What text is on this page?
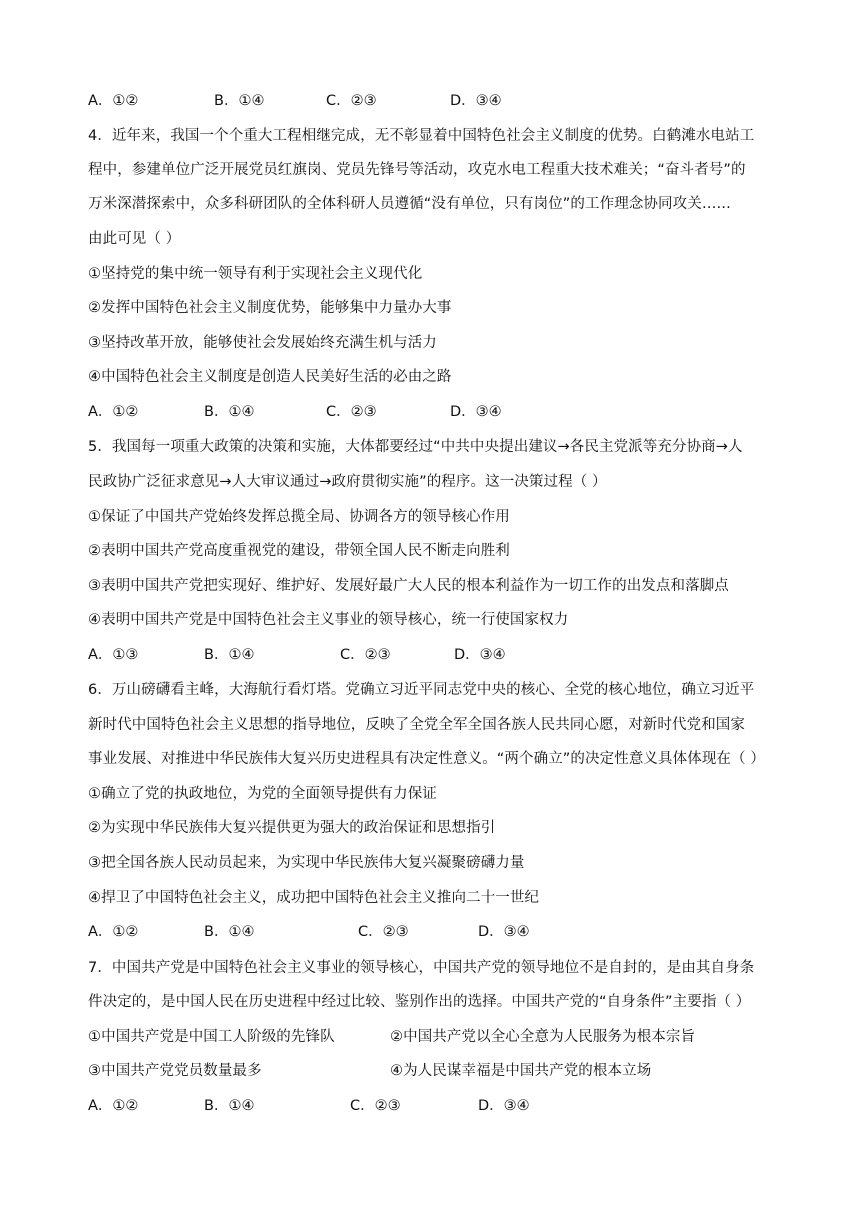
A．①②	B．①④	C．②③	D．③④
4．近年来，我国一个个重大工程相继完成，无不彰显着中国特色社会主义制度的优势。白鹤滩水电站工
程中，参建单位广泛开展党员红旗岗、党员先锋号等活动，攻克水电工程重大技术难关；“奋斗者号”的
万米深潜探索中，众多科研团队的全体科研人员遵循“没有单位，只有岗位”的工作理念协同攻关……
由此可见（ ）
①坚持党的集中统一领导有利于实现社会主义现代化
②发挥中国特色社会主义制度优势，能够集中力量办大事
③坚持改革开放，能够使社会发展始终充满生机与活力
④中国特色社会主义制度是创造人民美好生活的必由之路
A．①②	B．①④	C．②③	D．③④
5．我国每一项重大政策的决策和实施，大体都要经过“中共中央提出建议→各民主党派等充分协商→人
民政协广泛征求意见→人大审议通过→政府贯彻实施”的程序。这一决策过程（ ）
①保证了中国共产党始终发挥总揽全局、协调各方的领导核心作用
②表明中国共产党高度重视党的建设，带领全国人民不断走向胜利
③表明中国共产党把实现好、维护好、发展好最广大人民的根本利益作为一切工作的出发点和落脚点
④表明中国共产党是中国特色社会主义事业的领导核心，统一行使国家权力
A．①③	B．①④	C．②③	D．③④
6．万山磅礴看主峰，大海航行看灯塔。党确立习近平同志党中央的核心、全党的核心地位，确立习近平
新时代中国特色社会主义思想的指导地位，反映了全党全军全国各族人民共同心愿，对新时代党和国家
事业发展、对推进中华民族伟大复兴历史进程具有决定性意义。“两个确立”的决定性意义具体体现在（ ）
①确立了党的执政地位，为党的全面领导提供有力保证
②为实现中华民族伟大复兴提供更为强大的政治保证和思想指引
③把全国各族人民动员起来，为实现中华民族伟大复兴凝聚磅礴力量
④捍卫了中国特色社会主义，成功把中国特色社会主义推向二十一世纪
A．①②	B．①④	C．②③	D．③④
7．中国共产党是中国特色社会主义事业的领导核心，中国共产党的领导地位不是自封的，是由其自身条
件决定的，是中国人民在历史进程中经过比较、鉴别作出的选择。中国共产党的“自身条件”主要指（ ）
①中国共产党是中国工人阶级的先锋队	②中国共产党以全心全意为人民服务为根本宗旨
③中国共产党党员数量最多	④为人民谋幸福是中国共产党的根本立场
A．①②	B．①④	C．②③	D．③④
